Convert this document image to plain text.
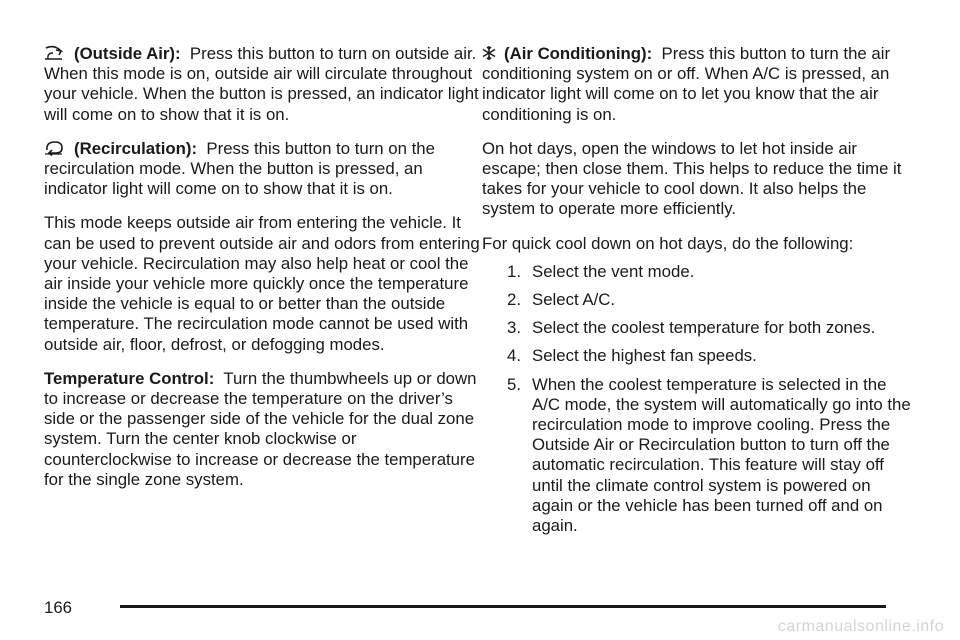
(Outside Air): Press this button to turn on outside air. When this mode is on, outside air will circulate throughout your vehicle. When the button is pressed, an indicator light will come on to show that it is on.

(Recirculation): Press this button to turn on the recirculation mode. When the button is pressed, an indicator light will come on to show that it is on.

This mode keeps outside air from entering the vehicle. It can be used to prevent outside air and odors from entering your vehicle. Recirculation may also help heat or cool the air inside your vehicle more quickly once the temperature inside the vehicle is equal to or better than the outside temperature. The recirculation mode cannot be used with outside air, floor, defrost, or defogging modes.

Temperature Control: Turn the thumbwheels up or down to increase or decrease the temperature on the driver’s side or the passenger side of the vehicle for the dual zone system. Turn the center knob clockwise or counterclockwise to increase or decrease the temperature for the single zone system.

(Air Conditioning): Press this button to turn the air conditioning system on or off. When A/C is pressed, an indicator light will come on to let you know that the air conditioning is on.

On hot days, open the windows to let hot inside air escape; then close them. This helps to reduce the time it takes for your vehicle to cool down. It also helps the system to operate more efficiently.

For quick cool down on hot days, do the following:

1. Select the vent mode.
2. Select A/C.
3. Select the coolest temperature for both zones.
4. Select the highest fan speeds.
5. When the coolest temperature is selected in the A/C mode, the system will automatically go into the recirculation mode to improve cooling. Press the Outside Air or Recirculation button to turn off the automatic recirculation. This feature will stay off until the climate control system is powered on again or the vehicle has been turned off and on again.
166
carmanualsonline.info
